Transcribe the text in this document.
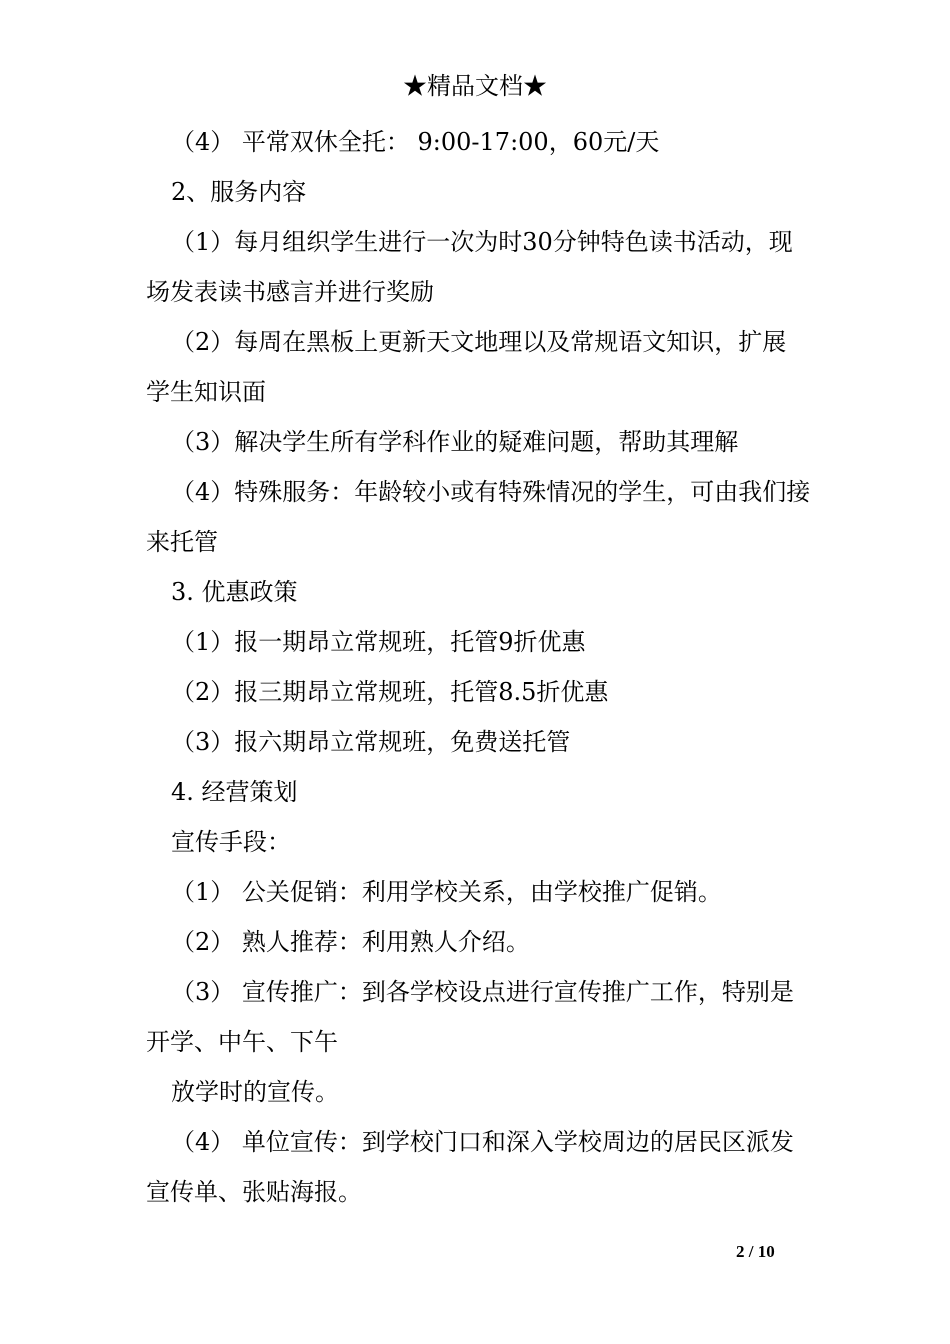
★精品文档★
（4） 平常双休全托： 9:00-17:00，60元/天
2、服务内容
（1）每月组织学生进行一次为时30分钟特色读书活动，现
场发表读书感言并进行奖励
（2）每周在黑板上更新天文地理以及常规语文知识，扩展
学生知识面
（3）解决学生所有学科作业的疑难问题，帮助其理解
（4）特殊服务：年龄较小或有特殊情况的学生，可由我们接
来托管
3. 优惠政策
（1）报一期昂立常规班，托管9折优惠
（2）报三期昂立常规班，托管8.5折优惠
（3）报六期昂立常规班，免费送托管
4. 经营策划
宣传手段：
（1） 公关促销：利用学校关系，由学校推广促销。
（2） 熟人推荐：利用熟人介绍。
（3） 宣传推广：到各学校设点进行宣传推广工作，特别是
开学、中午、下午
放学时的宣传。
（4） 单位宣传：到学校门口和深入学校周边的居民区派发
宣传单、张贴海报。
2 / 10
